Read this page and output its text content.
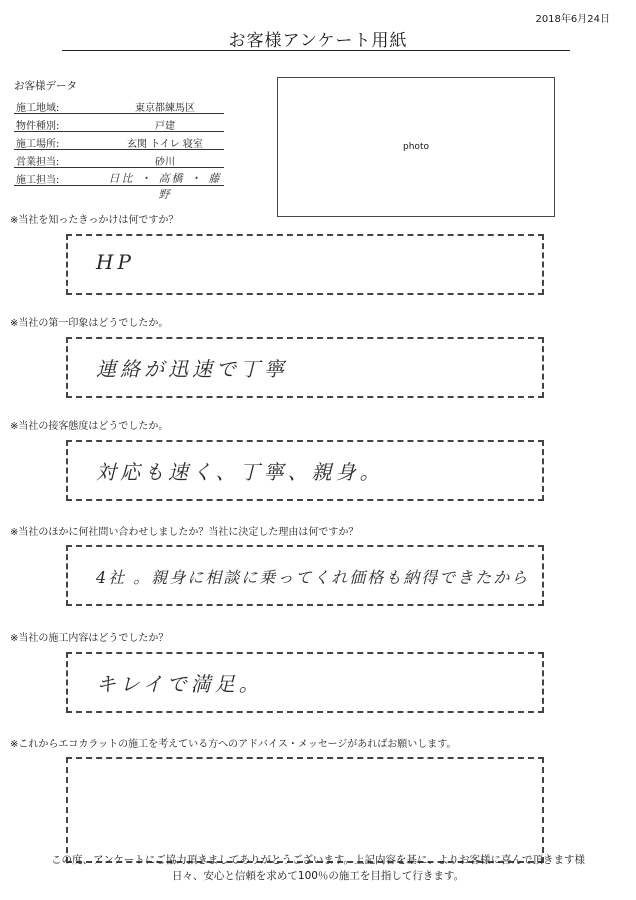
2018年6月24日
お客様アンケート用紙
お客様データ
施工地域:	東京都練馬区
物件種別:	戸建
施工場所:	玄関 トイレ 寝室
営業担当:	砂川
施工担当:	日比 ・ 高橋 ・ 藤野
photo
※当社を知ったきっかけは何ですか？
HP
※当社の第一印象はどうでしたか。
連絡が迅速で丁寧
※当社の接客態度はどうでしたか。
対応も速く、丁寧、親身。
※当社のほかに何社問い合わせしましたか？当社に決定した理由は何ですか？
4社 。親身に相談に乗ってくれ価格も納得できたから
※当社の施工内容はどうでしたか？
キレイで満足。
※これからエコカラットの施工を考えている方へのアドバイス・メッセージがあればお願いします。
この度、アンケートにご協力頂きましてありがとうございます。上記内容を基に、よりお客様に喜んで頂きます様
日々、安心と信頼を求めて100％の施工を目指して行きます。
